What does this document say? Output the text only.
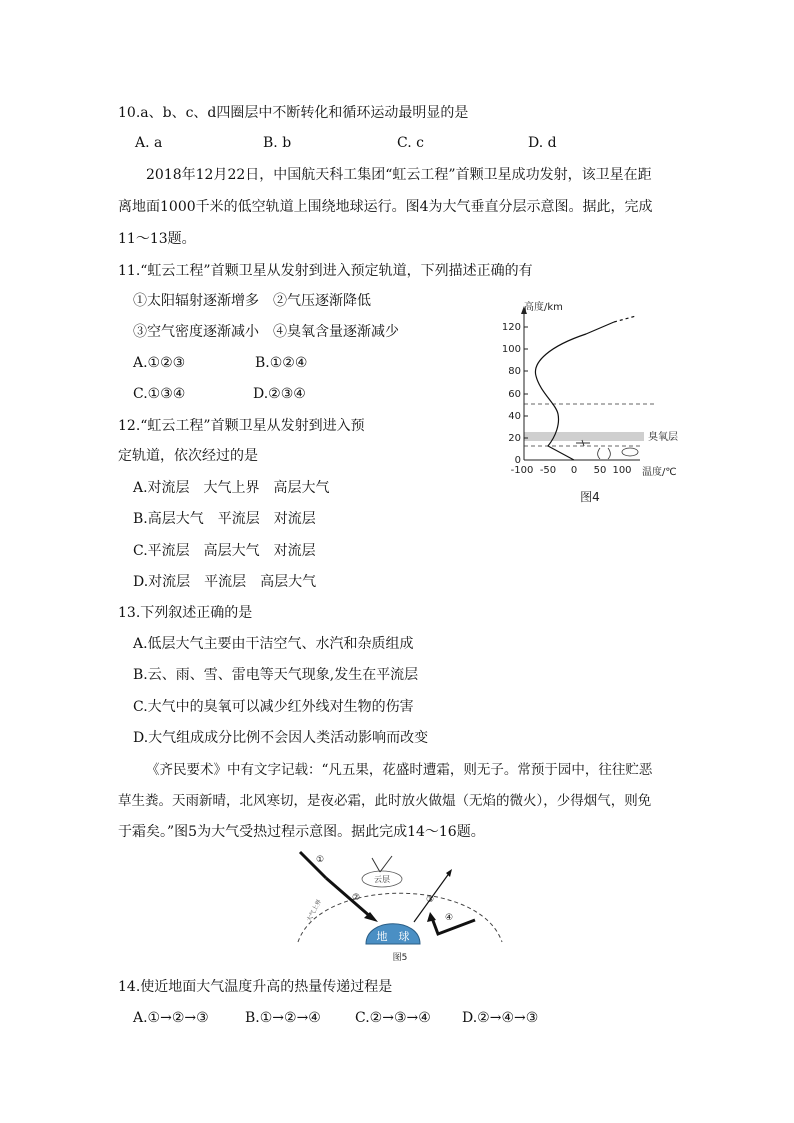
10.a、b、c、d四圈层中不断转化和循环运动最明显的是
A. a	B. b	C. c	D. d
2018年12月22日，中国航天科工集团“虹云工程”首颗卫星成功发射，该卫星在距
离地面1000千米的低空轨道上围绕地球运行。图4为大气垂直分层示意图。据此，完成
11～13题。
11.“虹云工程”首颗卫星从发射到进入预定轨道，下列描述正确的有
①太阳辐射逐渐增多　②气压逐渐降低
③空气密度逐渐减小　④臭氧含量逐渐减少
A.①②③	B.①②④
C.①③④	D.②③④
12.“虹云工程”首颗卫星从发射到进入预
定轨道，依次经过的是
A.对流层　大气上界　高层大气
B.高层大气　平流层　对流层
C.平流层　高层大气　对流层
D.对流层　平流层　高层大气
13.下列叙述正确的是
A.低层大气主要由干洁空气、水汽和杂质组成
B.云、雨、雪、雷电等天气现象,发生在平流层
C.大气中的臭氧可以减少红外线对生物的伤害
D.大气组成成分比例不会因人类活动影响而改变
《齐民要术》中有文字记载：“凡五果，花盛时遭霜，则无子。常预于园中，往往贮恶
草生粪。天雨新晴，北风寒切，是夜必霜，此时放火做煴（无焰的微火），少得烟气，则免
于霜矣。”图5为大气受热过程示意图。据此完成14～16题。
14.使近地面大气温度升高的热量传递过程是
A.①→②→③	B.①→②→④ C.②→③→④ D.②→④→③
120
100
80
60
40
20
0
-100 -50 0 50 100
高度/km
温度/℃
臭氧层
图4
大气上界
地　球
云层
①
②	③
④
图5
